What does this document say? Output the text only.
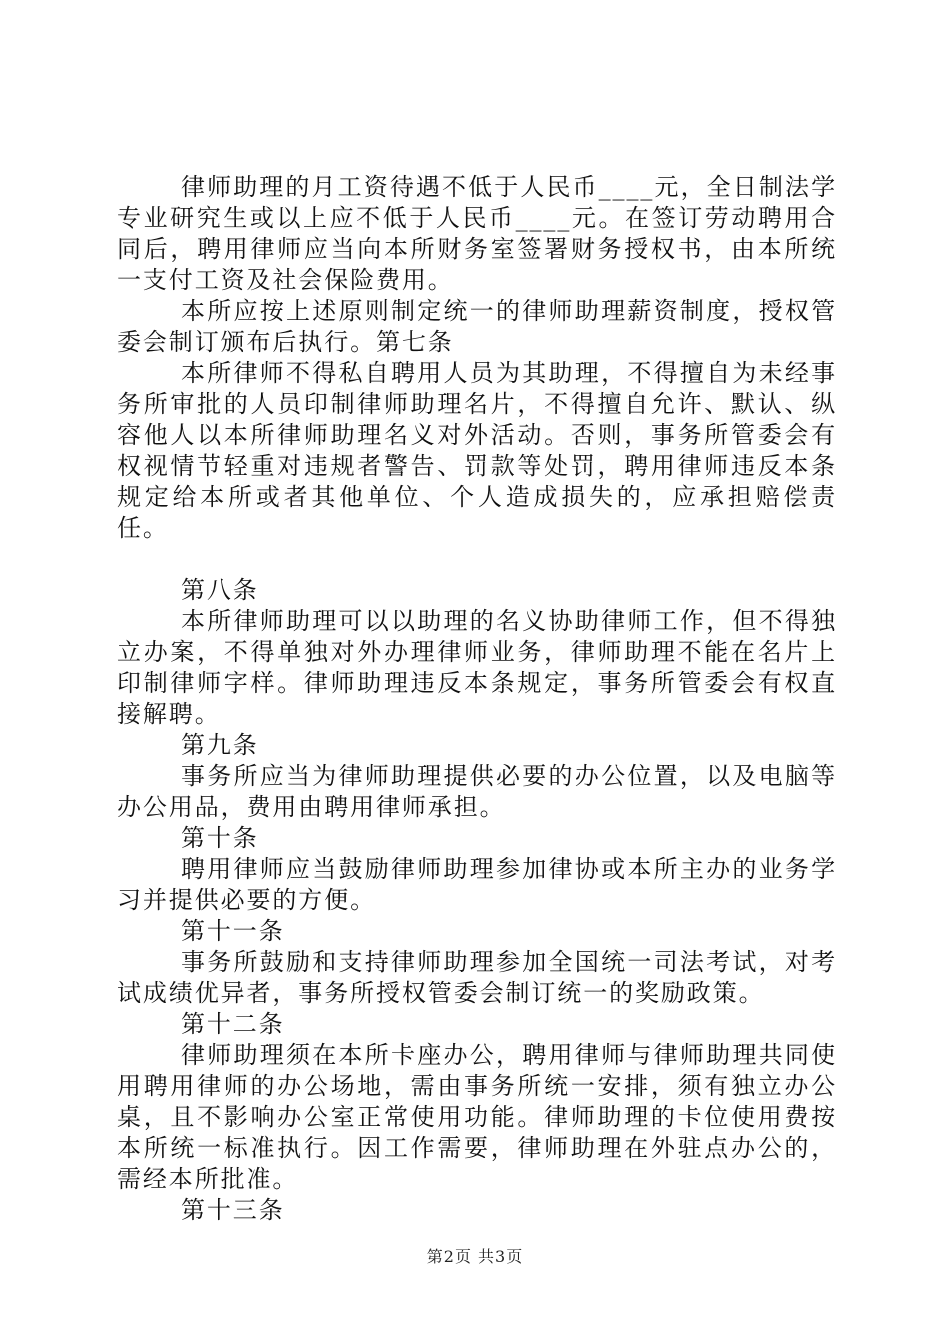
律师助理的月工资待遇不低于人民币____元，全日制法学专业研究生或以上应不低于人民币____元。在签订劳动聘用合同后，聘用律师应当向本所财务室签署财务授权书，由本所统一支付工资及社会保险费用。

本所应按上述原则制定统一的律师助理薪资制度，授权管委会制订颁布后执行。第七条

本所律师不得私自聘用人员为其助理，不得擅自为未经事务所审批的人员印制律师助理名片，不得擅自允许、默认、纵容他人以本所律师助理名义对外活动。否则，事务所管委会有权视情节轻重对违规者警告、罚款等处罚，聘用律师违反本条规定给本所或者其他单位、个人造成损失的，应承担赔偿责任。

第八条

本所律师助理可以以助理的名义协助律师工作，但不得独立办案，不得单独对外办理律师业务，律师助理不能在名片上印制律师字样。律师助理违反本条规定，事务所管委会有权直接解聘。

第九条

事务所应当为律师助理提供必要的办公位置，以及电脑等办公用品，费用由聘用律师承担。

第十条

聘用律师应当鼓励律师助理参加律协或本所主办的业务学习并提供必要的方便。

第十一条

事务所鼓励和支持律师助理参加全国统一司法考试，对考试成绩优异者，事务所授权管委会制订统一的奖励政策。

第十二条

律师助理须在本所卡座办公，聘用律师与律师助理共同使用聘用律师的办公场地，需由事务所统一安排，须有独立办公桌，且不影响办公室正常使用功能。律师助理的卡位使用费按本所统一标准执行。因工作需要，律师助理在外驻点办公的，需经本所批准。

第十三条

第2页 共3页
